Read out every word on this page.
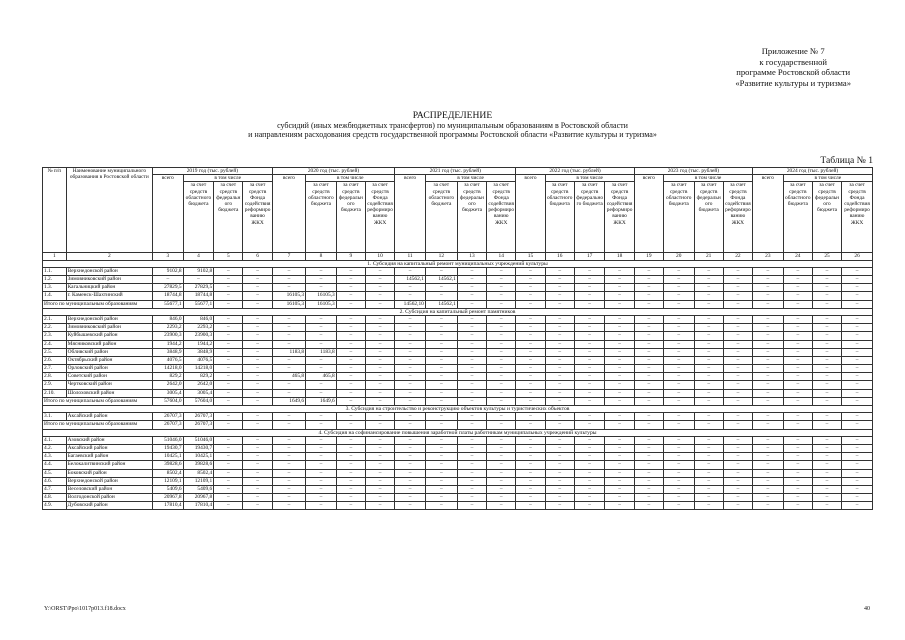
Приложение № 7
к государственной
программе Ростовской области
«Развитие культуры и туризма»
РАСПРЕДЕЛЕНИЕ
субсидий (иных межбюджетных трансфертов) по муниципальным образованиям в Ростовской области
и направлениям расходования средств государственной программы Ростовской области «Развитие культуры и туризма»
Таблица № 1
№ п/п	Наименование муниципального образования в Ростовской области	2019 год (тыс. рублей)				2020 год (тыс. рублей)				2021 год (тыс. рублей)				2022 год (тыс. рублей)				2023 год (тыс. рублей)				2024 год (тыс. рублей)			
		всего	в том числе			всего	в том числе			всего	в том числе			всего	в том числе			всего	в том числе			всего	в том числе		
			за счет средств областного бюджета	за счет средств федерального бюджета	за счет средств Фонда содействия реформированию ЖКХ		за счет средств областного бюджета	за счет средств федерального бюджета	за счет средств Фонда содействия реформированию ЖКХ		за счет средств областного бюджета	за счет средств федерального бюджета	за счет средств Фонда содействия реформированию ЖКХ		за счет средств областного бюджета	за счет средств федерального бюджета	за счет средств Фонда содействия реформированию ЖКХ		за счет средств областного бюджета	за счет средств федерального бюджета	за счет средств Фонда содействия реформированию ЖКХ		за счет средств областного бюджета	за счет средств федерального бюджета	за счет средств Фонда содействия реформированию ЖКХ
1	2	3	4	5	6	7	8	9	10	11	12	13	14	15	16	17	18	19	20	21	22	23	24	25	26
1. Субсидия на капитальный ремонт муниципальных учреждений культуры																									
1.1.	Верхнедонской район	9102,8	9102,8	–	–	–	–	–	–	–	–	–	–	–	–	–	–	–	–	–	–	–	–	–	–
1.2.	Зимовниковский район	–	–	–	–	–	–	–	–	14562,1	14562,1	–	–	–	–	–	–	–	–	–	–	–	–	–	–
1.3.	Кагальницкий район	27829,5	27829,5	–	–	–	–	–	–	–	–	–	–	–	–	–	–	–	–	–	–	–	–	–	–
1.4.	г. Каменск-Шахтинский	18744,8	18744,8	–	–	16105,3	16105,3	–	–	–	–	–	–	–	–	–	–	–	–	–	–	–	–	–	–
Итого по муниципальным образованиям		55677,1	55677,1	–	–	16105,3	16105,3	–	–	14562,10	14562,1	–	–	–	–	–	–	–	–	–	–	–	–	–	–
2. Субсидия на капитальный ремонт памятников																									
2.1.	Верхнедонской район	846,0	846,0	–	–	–	–	–	–	–	–	–	–	–	–	–	–	–	–	–	–	–	–	–	–
2.2.	Зимовниковский район	2293,2	2293,2	–	–	–	–	–	–	–	–	–	–	–	–	–	–	–	–	–	–	–	–	–	–
2.3.	Куйбышевский район	23900,3	23900,3	–	–	–	–	–	–	–	–	–	–	–	–	–	–	–	–	–	–	–	–	–	–
2.4.	Мясниковский район	1944,2	1944,2	–	–	–	–	–	–	–	–	–	–	–	–	–	–	–	–	–	–	–	–	–	–
2.5.	Обливский район	3848,9	3848,9	–	–	1183,8	1183,8	–	–	–	–	–	–	–	–	–	–	–	–	–	–	–	–	–	–
2.6.	Октябрьский район	4076,5	4076,5	–	–	–	–	–	–	–	–	–	–	–	–	–	–	–	–	–	–	–	–	–	–
2.7.	Орловский район	14218,0	14218,0	–	–	–	–	–	–	–	–	–	–	–	–	–	–	–	–	–	–	–	–	–	–
2.8.	Советский район	829,2	829,2	–	–	465,8	465,8	–	–	–	–	–	–	–	–	–	–	–	–	–	–	–	–	–	–
2.9.	Чертковский район	2642,0	2642,0	–	–	–	–	–	–	–	–	–	–	–	–	–	–	–	–	–	–	–	–	–	–
2.10.	Шолоховский район	3005,4	3005,4	–	–	–	–	–	–	–	–	–	–	–	–	–	–	–	–	–	–	–	–	–	–
Итого по муниципальным образованиям		57604,0	57604,0	–	–	1649,6	1649,6	–	–	–	–	–	–	–	–	–	–	–	–	–	–	–	–	–	–
3. Субсидия на строительство и реконструкцию объектов культуры и туристических объектов																									
3.1.	Аксайский район	26707,3	26707,3	–	–	–	–	–	–	–	–	–	–	–	–	–	–	–	–	–	–	–	–	–	–
Итого по муниципальным образованиям		26707,3	26707,3	–	–	–	–	–	–	–	–	–	–	–	–	–	–	–	–	–	–	–	–	–	–
4. Субсидия на софинансирование повышения заработной платы работникам муниципальных учреждений культуры																									
4.1.	Азовский район	51046,0	51046,0	–	–	–	–	–	–	–	–	–	–	–	–	–	–	–	–	–	–	–	–	–	–
4.2.	Аксайский район	19430,7	19430,7	–	–	–	–	–	–	–	–	–	–	–	–	–	–	–	–	–	–	–	–	–	–
4.3.	Багаевский район	10425,1	10425,1	–	–	–	–	–	–	–	–	–	–	–	–	–	–	–	–	–	–	–	–	–	–
4.4.	Белокалитвинский район	39828,6	39828,6	–	–	–	–	–	–	–	–	–	–	–	–	–	–	–	–	–	–	–	–	–	–
4.5.	Боковский район	8502,4	8502,4	–	–	–	–	–	–	–	–	–	–	–	–	–	–	–	–	–	–	–	–	–	–
4.6.	Верхнедонской район	12109,1	12109,1	–	–	–	–	–	–	–	–	–	–	–	–	–	–	–	–	–	–	–	–	–	–
4.7.	Веселовский район	5409,6	5409,6	–	–	–	–	–	–	–	–	–	–	–	–	–	–	–	–	–	–	–	–	–	–
4.8.	Волгодонской район	20967,8	20967,8	–	–	–	–	–	–	–	–	–	–	–	–	–	–	–	–	–	–	–	–	–	–
4.9.	Дубовский район	17810,4	17810,4	–	–	–	–	–	–	–	–	–	–	–	–	–	–	–	–	–	–	–	–	–	–
Y:\ORST\Ppo\1017p013.f18.docx	40
